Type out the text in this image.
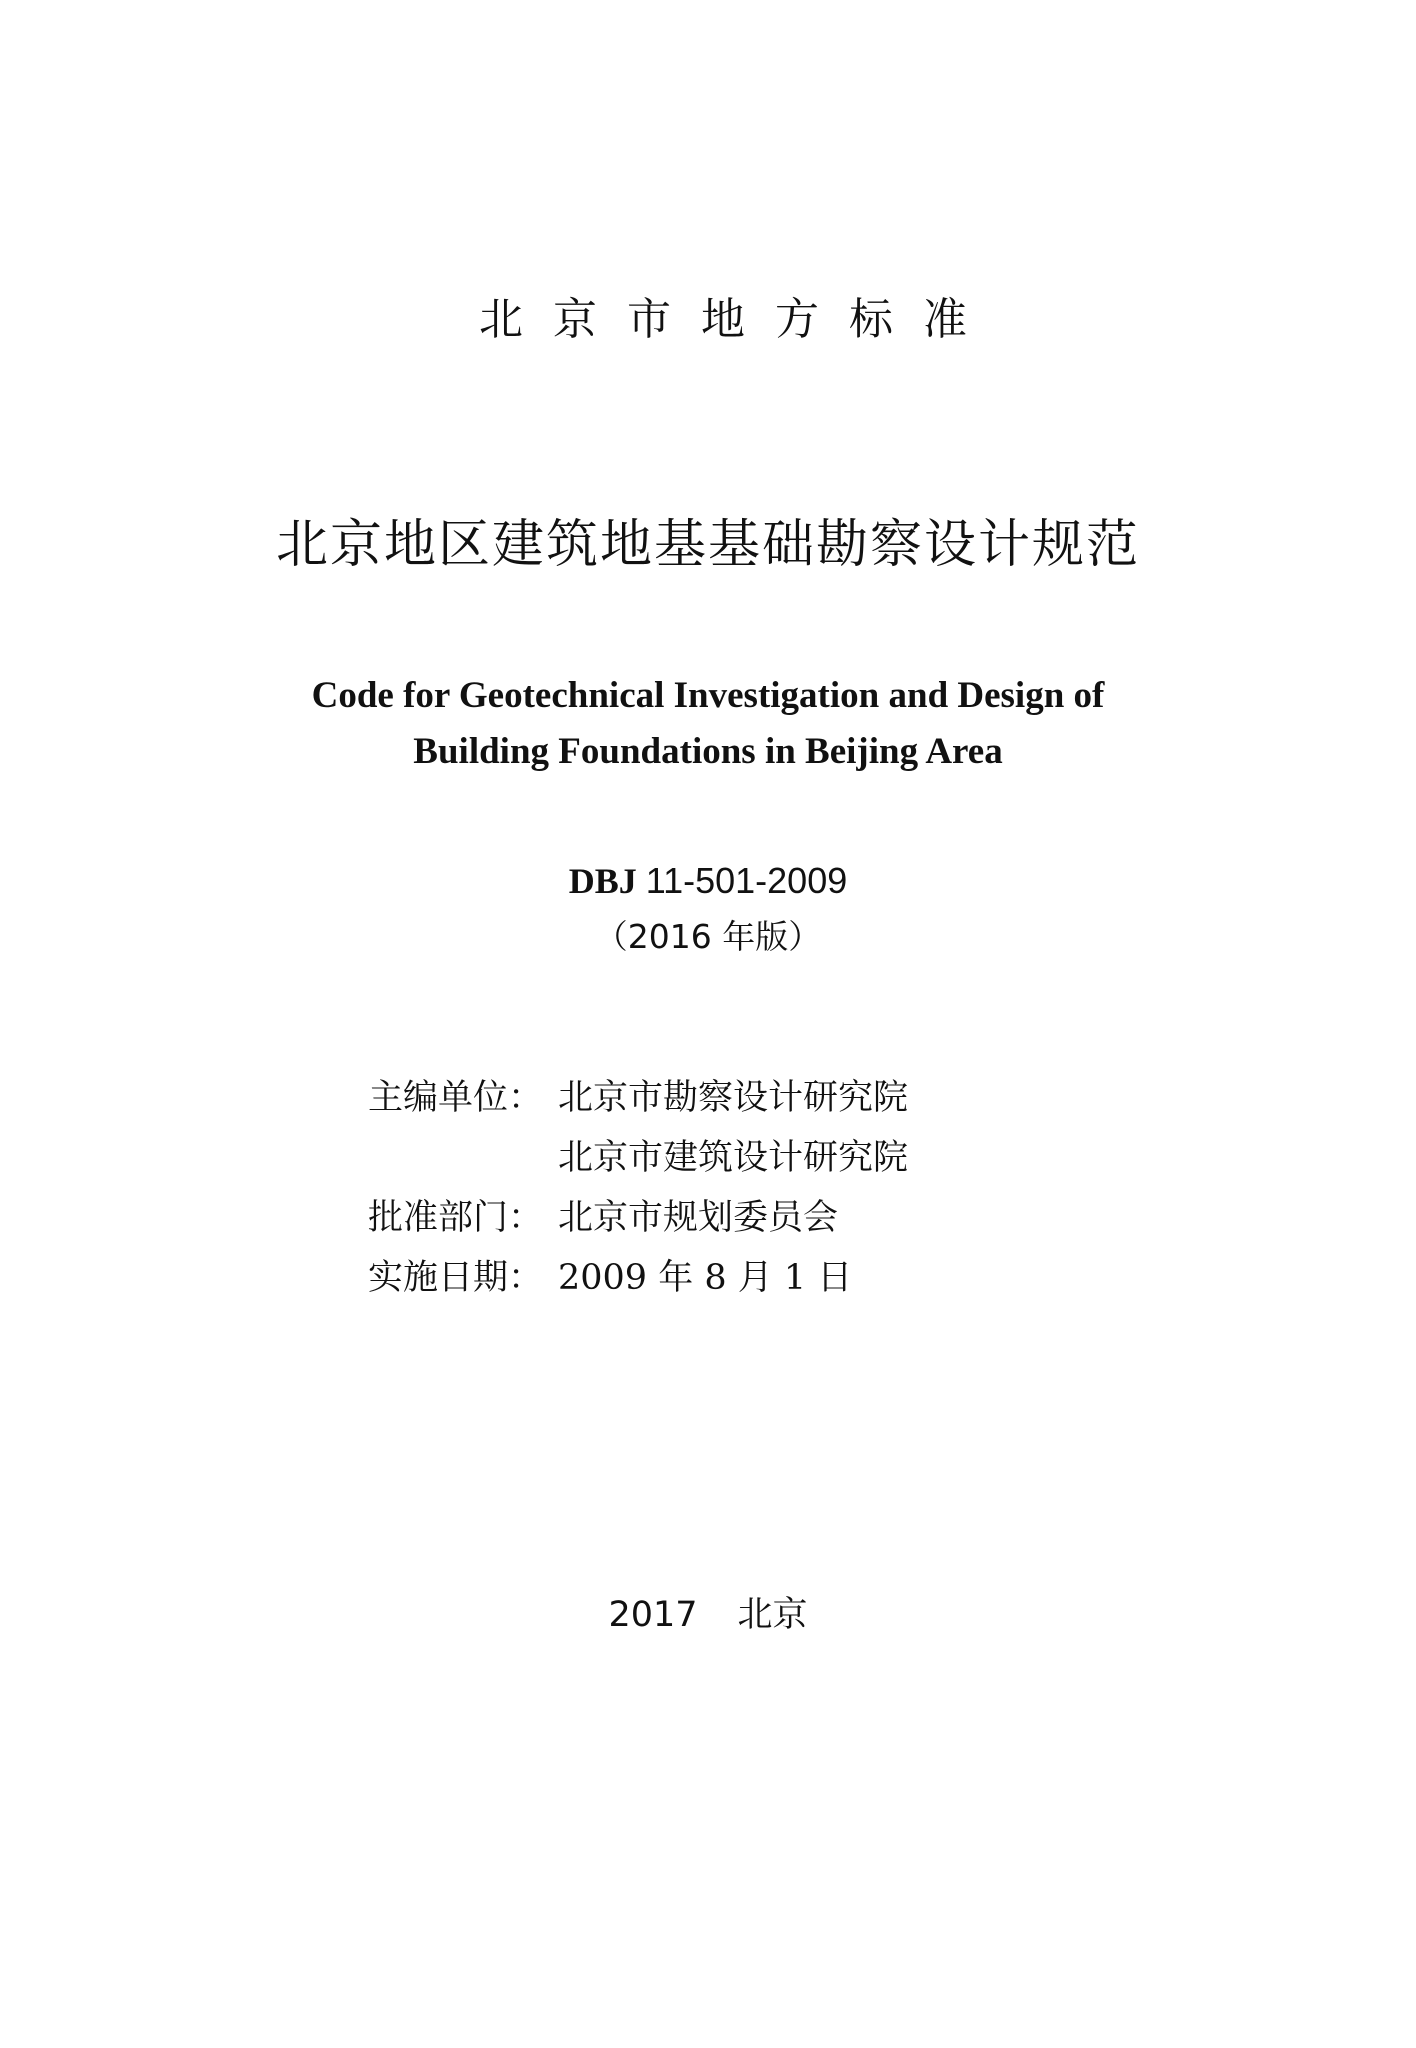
北京市地方标准
北京地区建筑地基基础勘察设计规范
Code for Geotechnical Investigation and Design of
Building Foundations in Beijing Area
DBJ 11-501-2009
（2016 年版）
主编单位： 北京市勘察设计研究院
北京市建筑设计研究院
批准部门： 北京市规划委员会
实施日期： 2009 年 8 月 1 日
2017 北京
